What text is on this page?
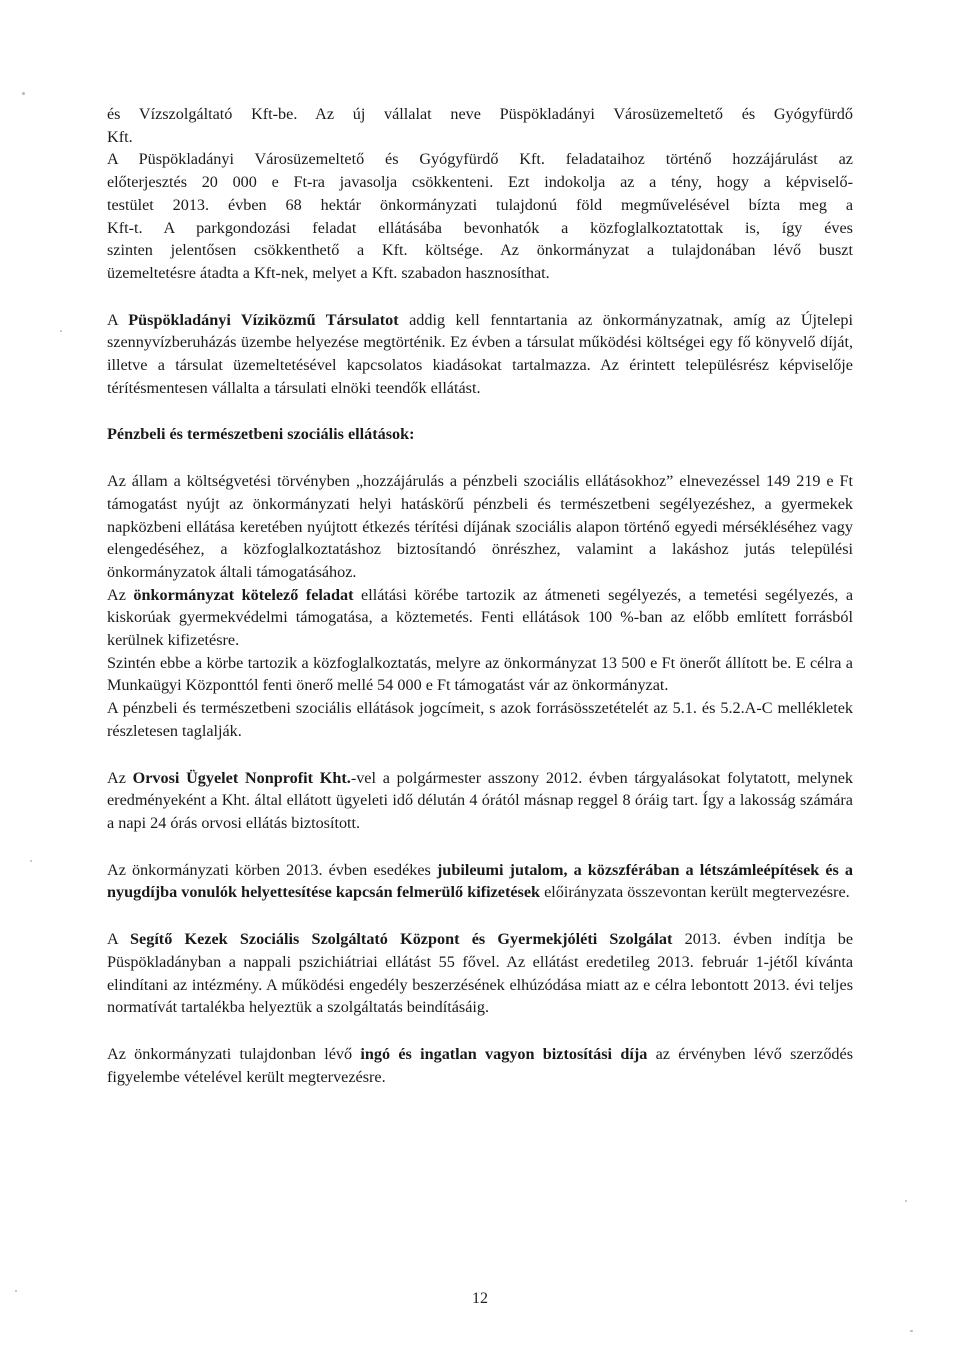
és Vízszolgáltató Kft-be. Az új vállalat neve Püspökladányi Városüzemeltető és Gyógyfürdő
Kft.
A Püspökladányi Városüzemeltető és Gyógyfürdő Kft. feladataihoz történő hozzájárulást az
előterjesztés 20 000 e Ft-ra javasolja csökkenteni. Ezt indokolja az a tény, hogy a képviselő-
testület 2013. évben 68 hektár önkormányzati tulajdonú föld megművelésével bízta meg a
Kft-t. A parkgondozási feladat ellátásába bevonhatók a közfoglalkoztatottak is, így éves
szinten jelentősen csökkenthető a Kft. költsége. Az önkormányzat a tulajdonában lévő buszt
üzemeltetésre átadta a Kft-nek, melyet a Kft. szabadon hasznosíthat.

A Püspökladányi Víziközmű Társulatot addig kell fenntartania az önkormányzatnak, amíg az Újtelepi szennyvízberuházás üzembe helyezése megtörténik. Ez évben a társulat működési költségei egy fő könyvelő díját, illetve a társulat üzemeltetésével kapcsolatos kiadásokat tartalmazza. Az érintett településrész képviselője térítésmentesen vállalta a társulati elnöki teendők ellátást.

Pénzbeli és természetbeni szociális ellátások:

Az állam a költségvetési törvényben „hozzájárulás a pénzbeli szociális ellátásokhoz” elnevezéssel 149 219 e Ft támogatást nyújt az önkormányzati helyi hatáskörű pénzbeli és természetbeni segélyezéshez, a gyermekek napközbeni ellátása keretében nyújtott étkezés térítési díjának szociális alapon történő egyedi mérsékléséhez vagy elengedéséhez, a közfoglalkoztatáshoz biztosítandó önrészhez, valamint a lakáshoz jutás települési önkormányzatok általi támogatásához.

Az önkormányzat kötelező feladat ellátási körébe tartozik az átmeneti segélyezés, a temetési segélyezés, a kiskorúak gyermekvédelmi támogatása, a köztemetés. Fenti ellátások 100 %-ban az előbb említett forrásból kerülnek kifizetésre.

Szintén ebbe a körbe tartozik a közfoglalkoztatás, melyre az önkormányzat 13 500 e Ft önerőt állított be. E célra a Munkaügyi Központtól fenti önerő mellé 54 000 e Ft támogatást vár az önkormányzat.

A pénzbeli és természetbeni szociális ellátások jogcímeit, s azok forrásösszetételét az 5.1. és 5.2.A-C mellékletek részletesen taglalják.

Az Orvosi Ügyelet Nonprofit Kht.-vel a polgármester asszony 2012. évben tárgyalásokat folytatott, melynek eredményeként a Kht. által ellátott ügyeleti idő délután 4 órától másnap reggel 8 óráig tart. Így a lakosság számára a napi 24 órás orvosi ellátás biztosított.

Az önkormányzati körben 2013. évben esedékes jubileumi jutalom, a közszférában a létszámleépítések és a nyugdíjba vonulók helyettesítése kapcsán felmerülő kifizetések előirányzata összevontan került megtervezésre.

A Segítő Kezek Szociális Szolgáltató Központ és Gyermekjóléti Szolgálat 2013. évben indítja be Püspökladányban a nappali pszichiátriai ellátást 55 fővel. Az ellátást eredetileg 2013. február 1-jétől kívánta elindítani az intézmény. A működési engedély beszerzésének elhúzódása miatt az e célra lebontott 2013. évi teljes normatívát tartalékba helyeztük a szolgáltatás beindításáig.

Az önkormányzati tulajdonban lévő ingó és ingatlan vagyon biztosítási díja az érvényben lévő szerződés figyelembe vételével került megtervezésre.

12
